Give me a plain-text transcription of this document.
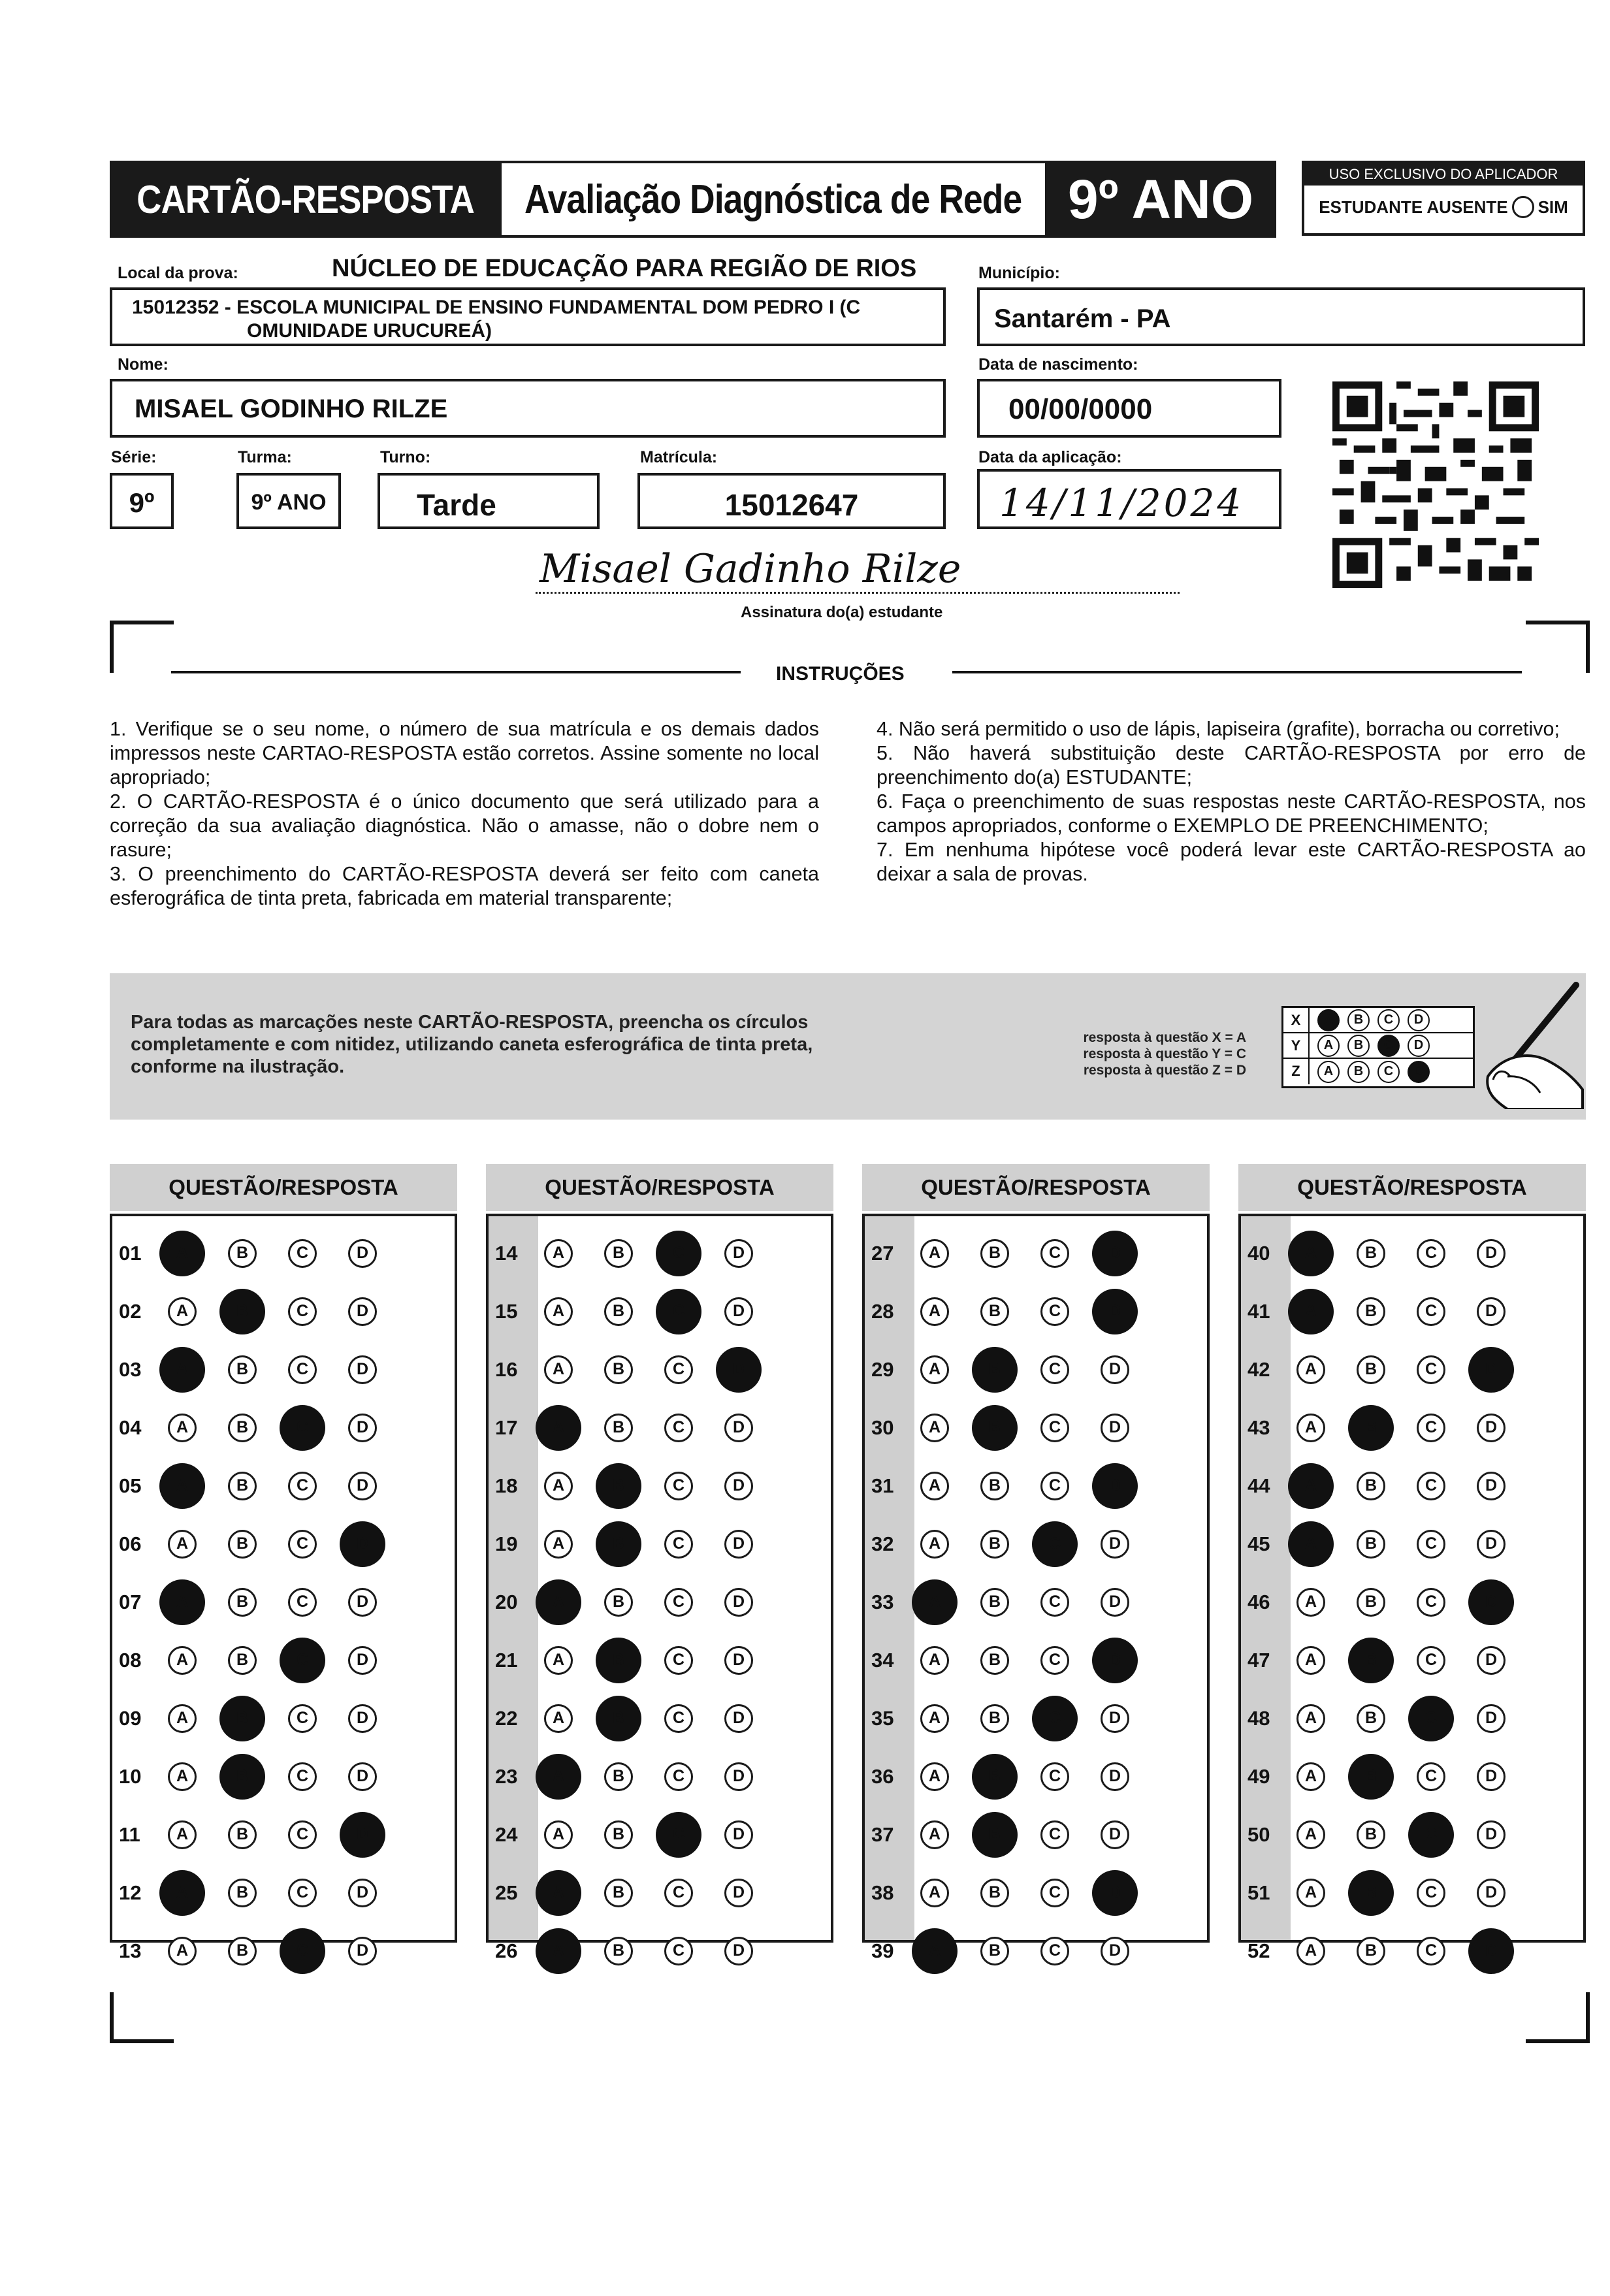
CARTÃO-RESPOSTA Avaliação Diagnóstica de Rede 9º ANO	USO EXCLUSIVO DO APLICADOR
ESTUDANTE AUSENTE SIM
Local da prova:	NÚCLEO DE EDUCAÇÃO PARA REGIÃO DE RIOS
15012352 - ESCOLA MUNICIPAL DE ENSINO FUNDAMENTAL DOM PEDRO I (C
OMUNIDADE URUCUREÁ)
Município:
Santarém - PA
Nome:
MISAEL GODINHO RILZE
Data de nascimento:
00/00/0000
Série:
9º
Turma:
9º ANO
Turno:
Tarde
Matrícula:
15012647
Data da aplicação:
14/11/2024
Misael Gadinho Rilze
Assinatura do(a) estudante
INSTRUÇÕES

1. Verifique se o seu nome, o número de sua matrícula e os demais dados impressos neste CARTAO-RESPOSTA estão corretos. Assine somente no local apropriado;

2. O CARTÃO-RESPOSTA é o único documento que será utilizado para a correção da sua avaliação diagnóstica. Não o amasse, não o dobre nem o rasure;

3. O preenchimento do CARTÃO-RESPOSTA deverá ser feito com caneta esferográfica de tinta preta, fabricada em material transparente;

4. Não será permitido o uso de lápis, lapiseira (grafite), borracha ou corretivo;

5. Não haverá substituição deste CARTÃO-RESPOSTA por erro de preenchimento do(a) ESTUDANTE;

6. Faça o preenchimento de suas respostas neste CARTÃO-RESPOSTA, nos campos apropriados, conforme o EXEMPLO DE PREENCHIMENTO;

7. Em nenhuma hipótese você poderá levar este CARTÃO-RESPOSTA ao deixar a sala de provas.

Para todas as marcações neste CARTÃO-RESPOSTA, preencha os círculos completamente e com nitidez, utilizando caneta esferográfica de tinta preta, conforme na ilustração.
resposta à questão X = A
resposta à questão Y = C
resposta à questão Z = D
X	A	B	C	D
Y	A	B	C	D
Z	A	B	C	D
QUESTÃO/RESPOSTA
01	A	B	C	D
02	A	B	C	D
03	A	B	C	D
04	A	B	C	D
05	A	B	C	D
06	A	B	C	D
07	A	B	C	D
08	A	B	C	D
09	A	B	C	D
10	A	B	C	D
11	A	B	C	D
12	A	B	C	D
13	A	B	C	D
QUESTÃO/RESPOSTA
14	A	B	C	D
15	A	B	C	D
16	A	B	C	D
17	A	B	C	D
18	A	B	C	D
19	A	B	C	D
20	A	B	C	D
21	A	B	C	D
22	A	B	C	D
23	A	B	C	D
24	A	B	C	D
25	A	B	C	D
26	A	B	C	D
QUESTÃO/RESPOSTA
27	A	B	C	D
28	A	B	C	D
29	A	B	C	D
30	A	B	C	D
31	A	B	C	D
32	A	B	C	D
33	A	B	C	D
34	A	B	C	D
35	A	B	C	D
36	A	B	C	D
37	A	B	C	D
38	A	B	C	D
39	A	B	C	D
QUESTÃO/RESPOSTA
40	A	B	C	D
41	A	B	C	D
42	A	B	C	D
43	A	B	C	D
44	A	B	C	D
45	A	B	C	D
46	A	B	C	D
47	A	B	C	D
48	A	B	C	D
49	A	B	C	D
50	A	B	C	D
51	A	B	C	D
52	A	B	C	D
